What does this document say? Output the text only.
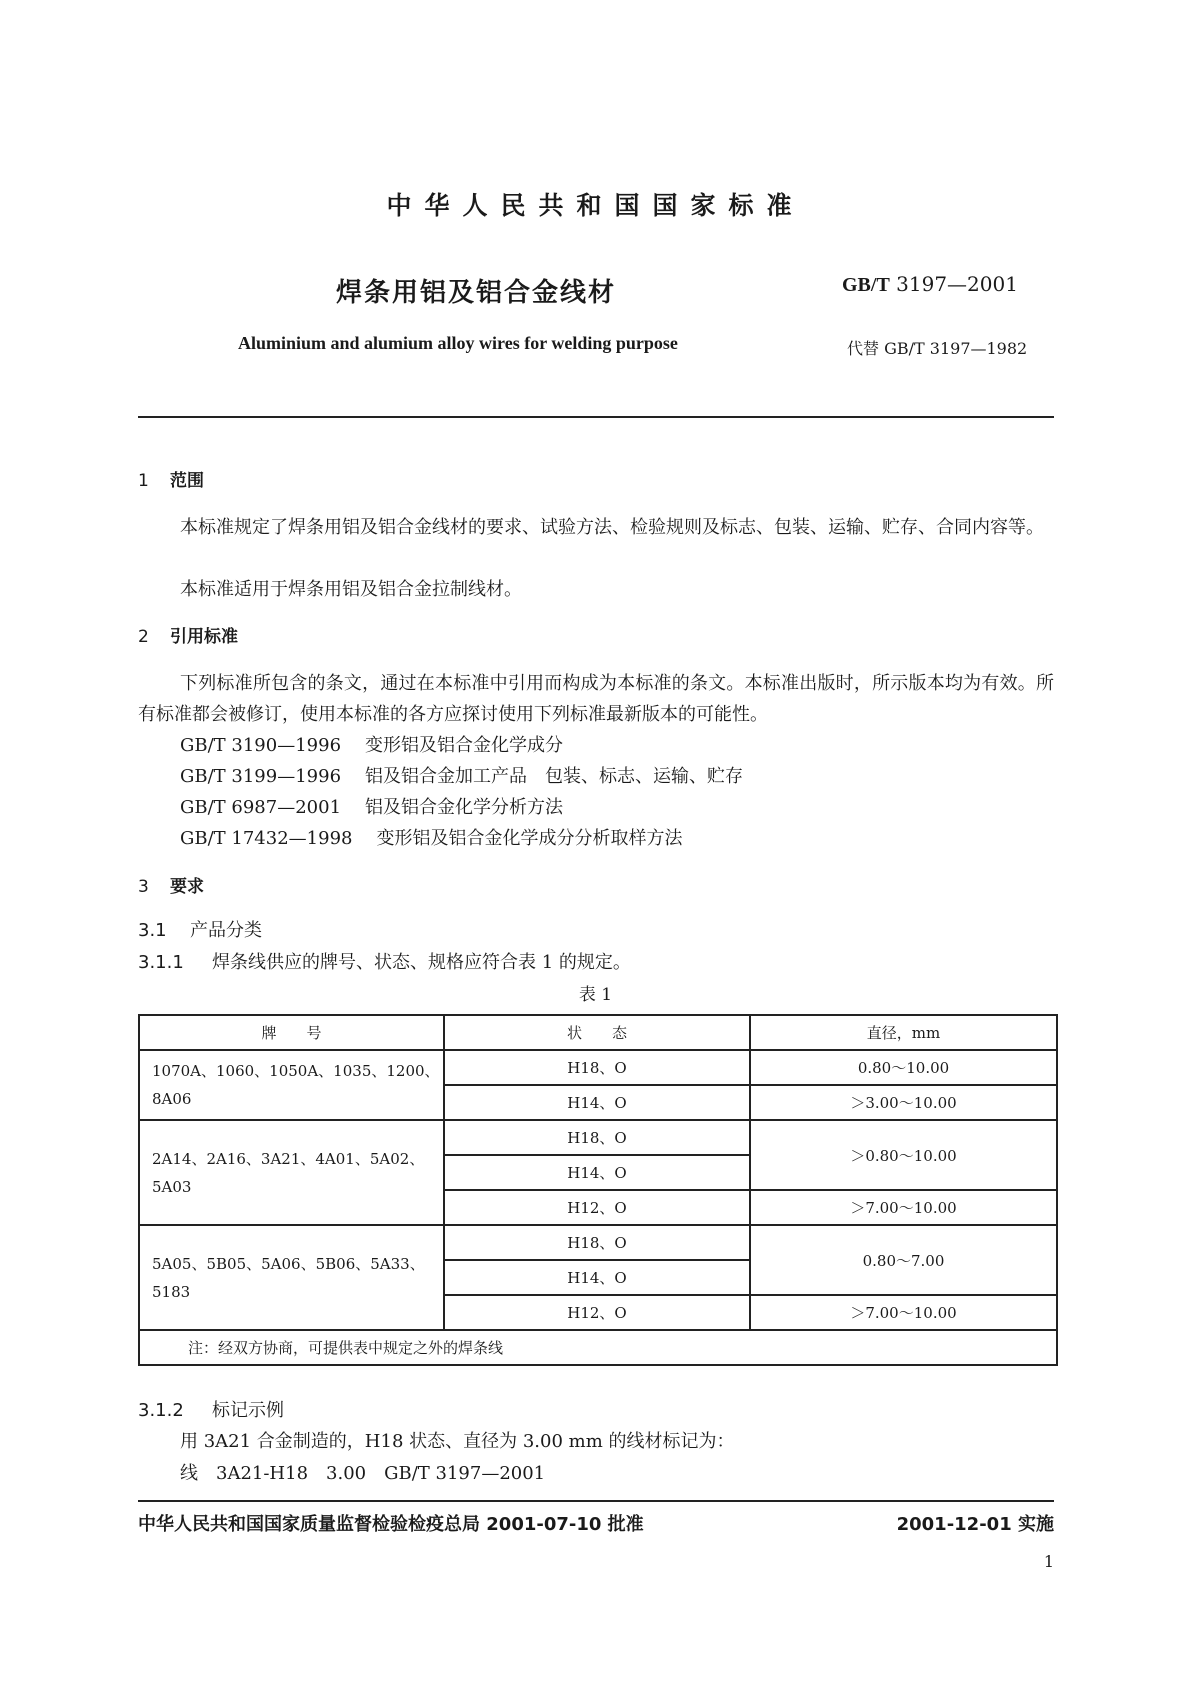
中华人民共和国国家标准
焊条用铝及铝合金线材	GB/T 3197—2001
Aluminium and alumium alloy wires for welding purpose	代替 GB/T 3197—1982
1 范围
本标准规定了焊条用铝及铝合金线材的要求、试验方法、检验规则及标志、包装、运输、贮存、合同内容等。
本标准适用于焊条用铝及铝合金拉制线材。
2 引用标准
下列标准所包含的条文，通过在本标准中引用而构成为本标准的条文。本标准出版时，所示版本均为有效。所有标准都会被修订，使用本标准的各方应探讨使用下列标准最新版本的可能性。
GB/T 3190—1996 变形铝及铝合金化学成分
GB/T 3199—1996 铝及铝合金加工产品　包装、标志、运输、贮存
GB/T 6987—2001 铝及铝合金化学分析方法
GB/T 17432—1998 变形铝及铝合金化学成分分析取样方法
3 要求
3.1 产品分类
3.1.1 焊条线供应的牌号、状态、规格应符合表 1 的规定。
表 1
牌　　号	状　　态	直径，mm

1070A、1060、1050A、1035、1200、
8A06	H18、O	0.80～10.00
	H14、O	＞3.00～10.00

2A14、2A16、3A21、4A01、5A02、
5A03	H18、O	＞0.80～10.00
	H14、O	
	H12、O	＞7.00～10.00
5A05、5B05、5A06、5B06、5A33、5183	H18、O	0.80～7.00
	H14、O	
	H12、O	＞7.00～10.00
注：经双方协商，可提供表中规定之外的焊条线		
3.1.2 标记示例
用 3A21 合金制造的，H18 状态、直径为 3.00 mm 的线材标记为：
线　3A21-H18　3.00　GB/T 3197—2001
中华人民共和国国家质量监督检验检疫总局 2001-07-10 批准	2001-12-01 实施
1
